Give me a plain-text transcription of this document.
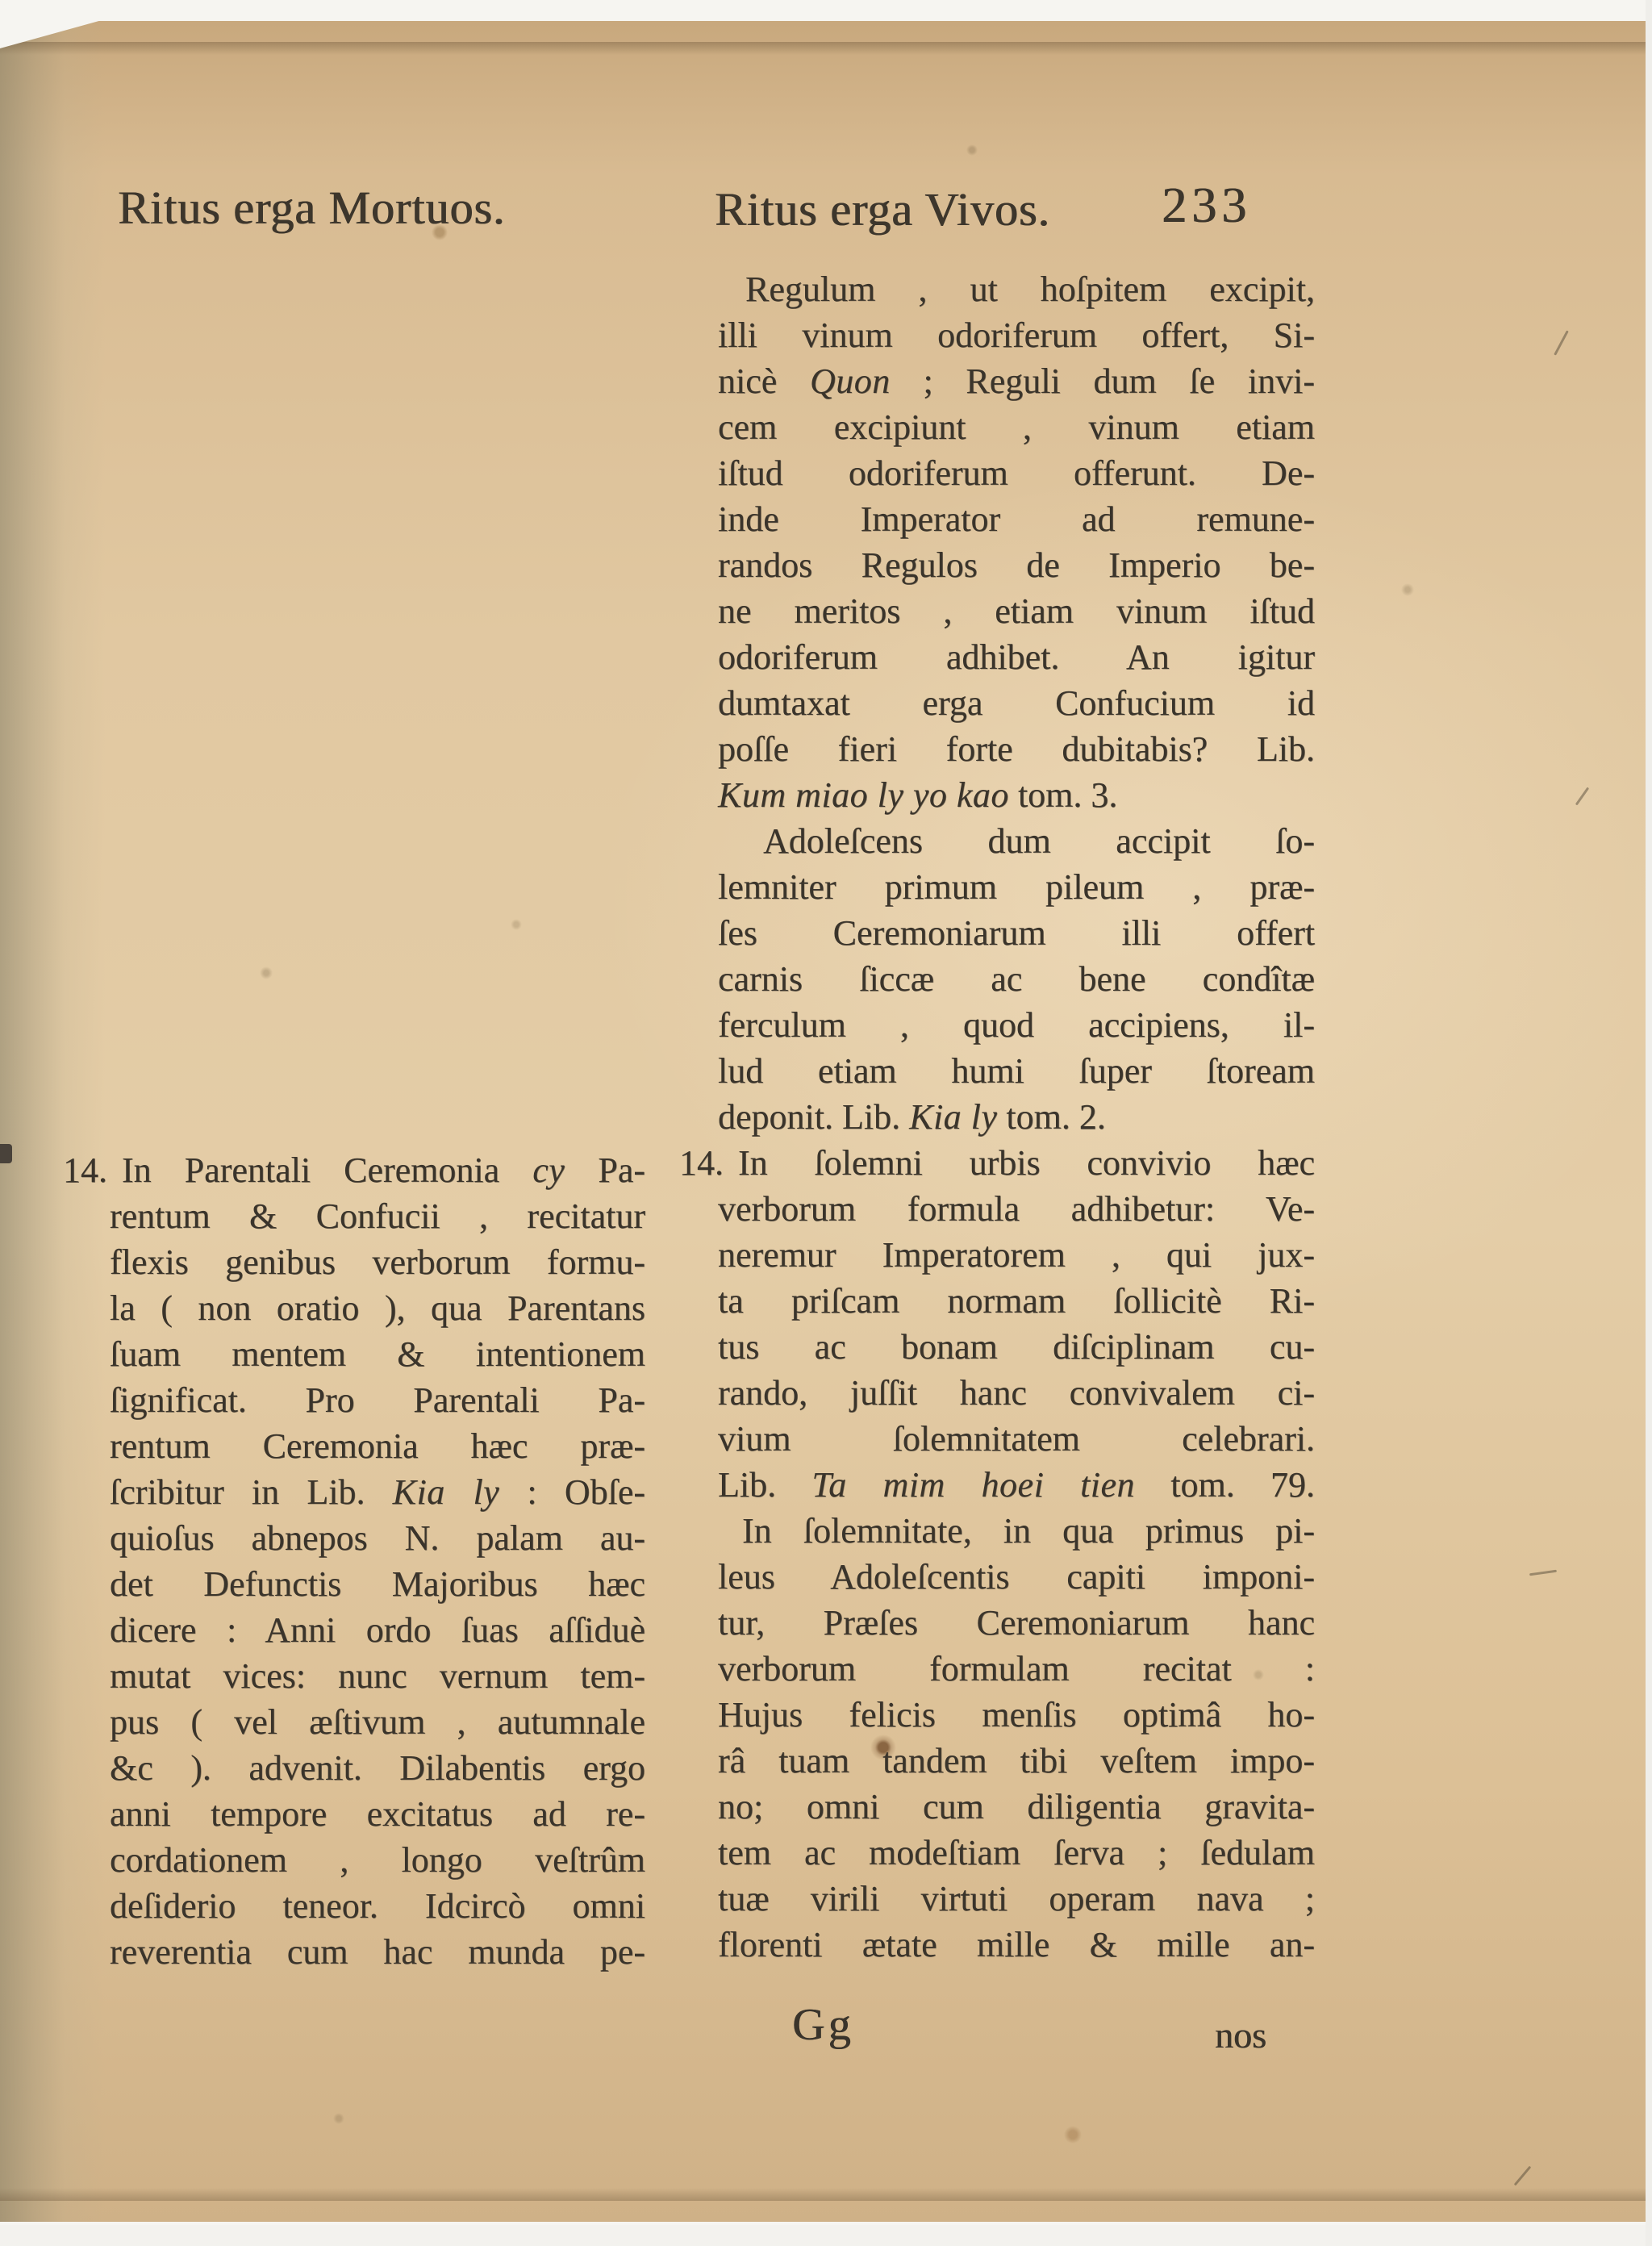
Ritus erga Mortuos.	Ritus erga Vivos. 233
14. In Parentali Ceremonia cy Pa-
rentum & Confucii , recitatur
flexis genibus verborum formu-
la ( non oratio ), qua Parentans
ſuam mentem & intentionem
ſignificat. Pro Parentali Pa-
rentum Ceremonia hæc præ-
ſcribitur in Lib. Kia ly : Obſe-
quioſus abnepos N. palam au-
det Defunctis Majoribus hæc
dicere : Anni ordo ſuas aſſiduè
mutat vices: nunc vernum tem-
pus ( vel æſtivum , autumnale
&c ). advenit. Dilabentis ergo
anni tempore excitatus ad re-
cordationem , longo veſtrûm
deſiderio teneor. Idcircò omni
reverentia cum hac munda pe-
Regulum , ut hoſpitem excipit,
illi vinum odoriferum offert, Si-
nicè Quon ; Reguli dum ſe invi-
cem excipiunt , vinum etiam
iſtud odoriferum offerunt. De-
inde Imperator ad remune-
randos Regulos de Imperio be-
ne meritos , etiam vinum iſtud
odoriferum adhibet. An igitur
dumtaxat erga Confucium id
poſſe fieri forte dubitabis? Lib.
Kum miao ly yo kao tom. 3.
Adoleſcens dum accipit ſo-
lemniter primum pileum , præ-
ſes Ceremoniarum illi offert
carnis ſiccæ ac bene condîtæ
ferculum , quod accipiens, il-
lud etiam humi ſuper ſtoream
deponit. Lib. Kia ly tom. 2.
14. In ſolemni urbis convivio hæc
verborum formula adhibetur: Ve-
neremur Imperatorem , qui jux-
ta priſcam normam ſollicitè Ri-
tus ac bonam diſciplinam cu-
rando, juſſit hanc convivalem ci-
vium ſolemnitatem celebrari.
Lib. Ta mim hoei tien tom. 79.
In ſolemnitate, in qua primus pi-
leus Adoleſcentis capiti imponi-
tur, Præſes Ceremoniarum hanc
verborum formulam recitat :
Hujus felicis menſis optimâ ho-
râ tuam tandem tibi veſtem impo-
no; omni cum diligentia gravita-
tem ac modeſtiam ſerva ; ſedulam
tuæ virili virtuti operam nava ;
florenti ætate mille & mille an-
Gg	nos
